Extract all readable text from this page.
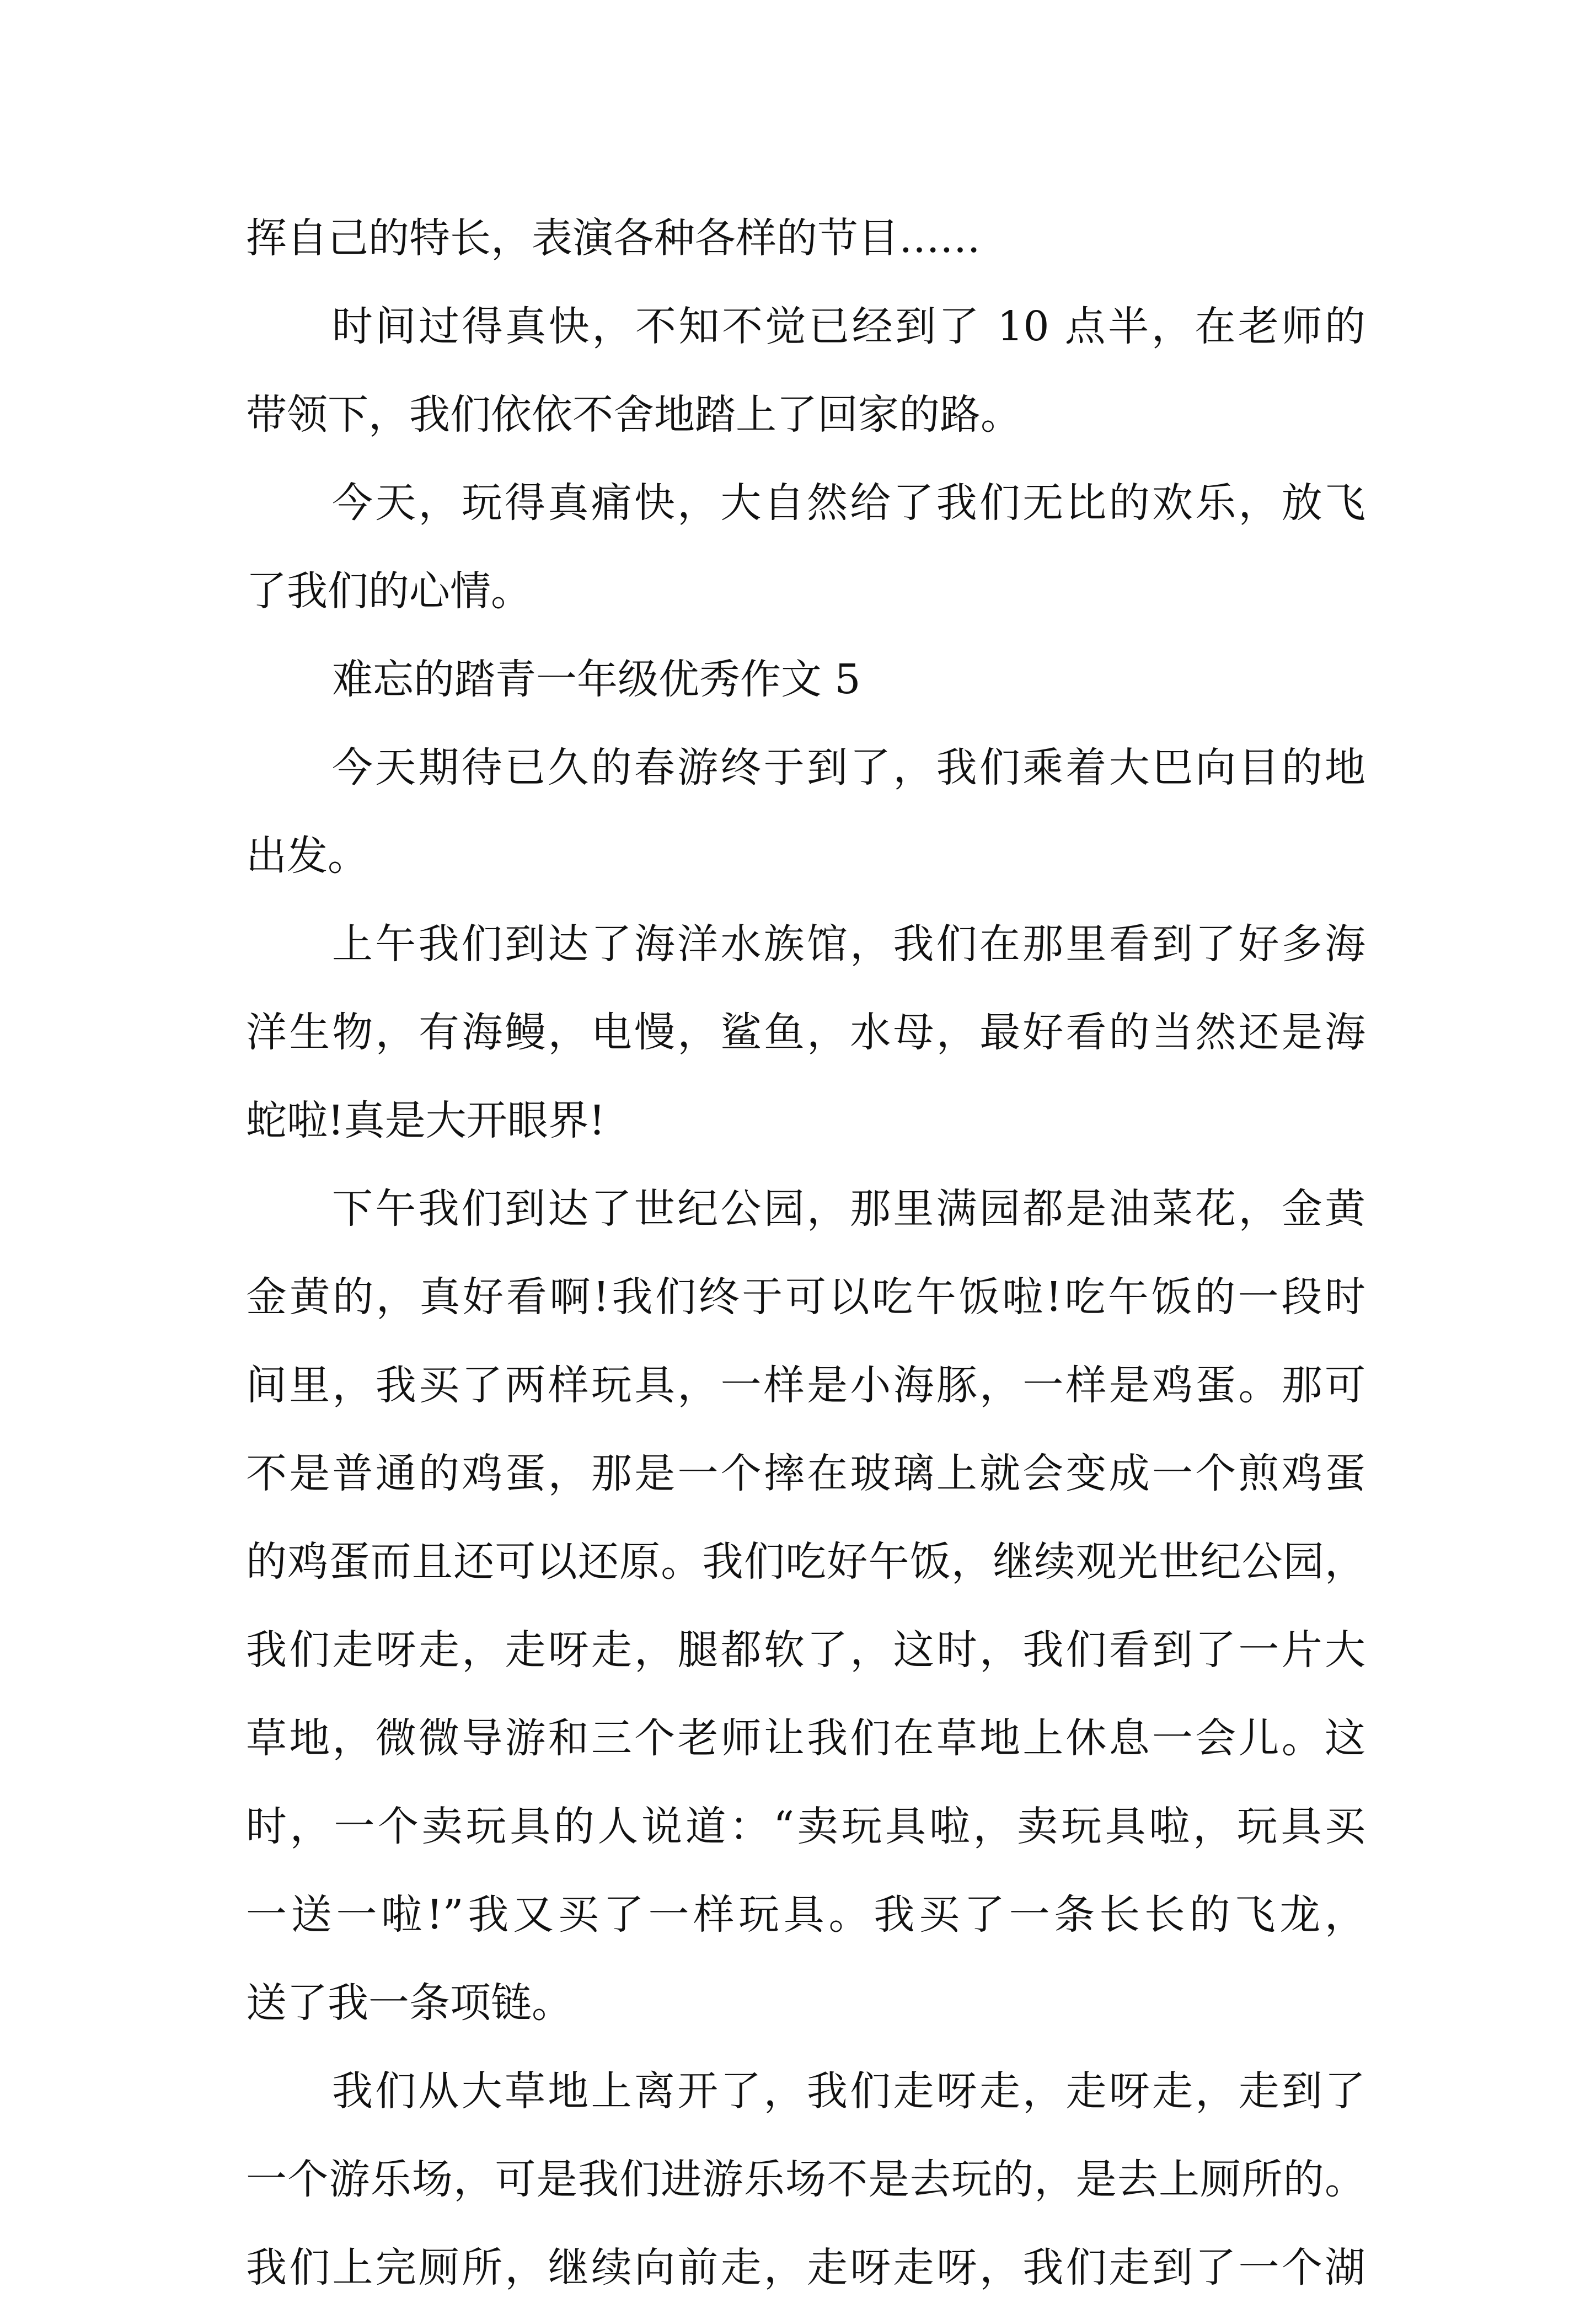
挥自己的特长，表演各种各样的节目……
时间过得真快，不知不觉已经到了 10 点半，在老师的
带领下，我们依依不舍地踏上了回家的路。
今天，玩得真痛快，大自然给了我们无比的欢乐，放飞
了我们的心情。
难忘的踏青一年级优秀作文 5
今天期待已久的春游终于到了，我们乘着大巴向目的地
出发。
上午我们到达了海洋水族馆，我们在那里看到了好多海
洋生物，有海鳗，电慢，鲨鱼，水母，最好看的当然还是海
蛇啦!真是大开眼界!
下午我们到达了世纪公园，那里满园都是油菜花，金黄
金黄的，真好看啊!我们终于可以吃午饭啦!吃午饭的一段时
间里，我买了两样玩具，一样是小海豚，一样是鸡蛋。那可
不是普通的鸡蛋，那是一个摔在玻璃上就会变成一个煎鸡蛋
的鸡蛋而且还可以还原。我们吃好午饭，继续观光世纪公园，
我们走呀走，走呀走，腿都软了，这时，我们看到了一片大
草地，微微导游和三个老师让我们在草地上休息一会儿。这
时，一个卖玩具的人说道：“卖玩具啦，卖玩具啦，玩具买
一送一啦!”我又买了一样玩具。我买了一条长长的飞龙，
送了我一条项链。
我们从大草地上离开了，我们走呀走，走呀走，走到了
一个游乐场，可是我们进游乐场不是去玩的，是去上厕所的。
我们上完厕所，继续向前走，走呀走呀，我们走到了一个湖
